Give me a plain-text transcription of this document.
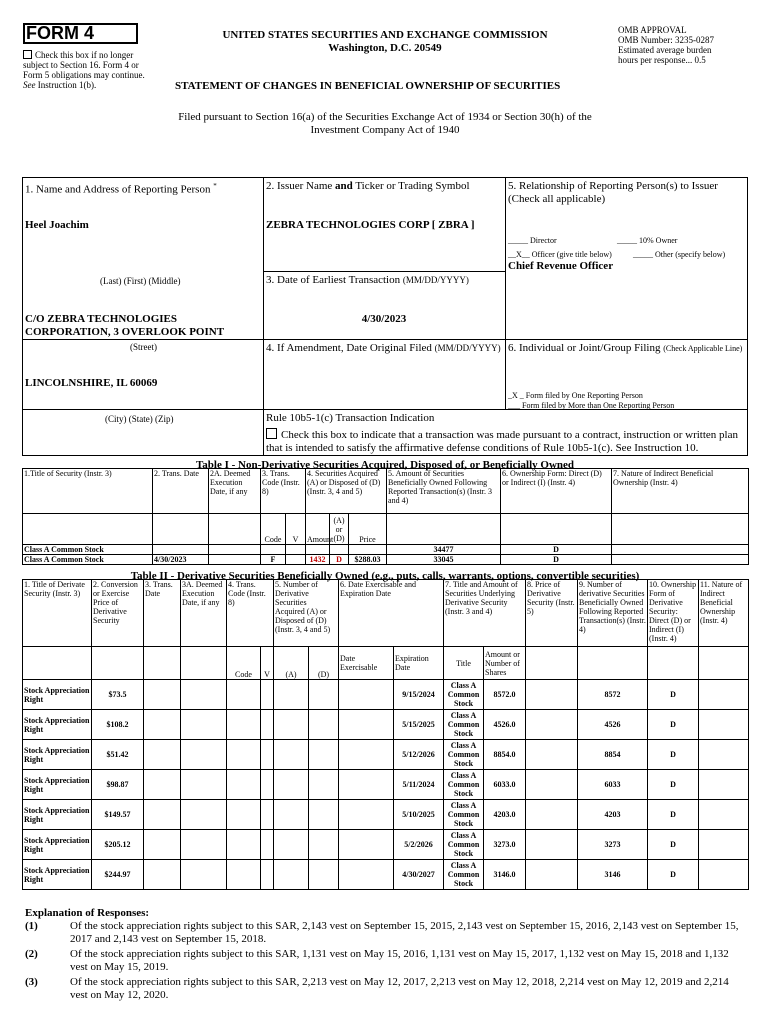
FORM 4
Check this box if no longer subject to Section 16. Form 4 or Form 5 obligations may continue. See Instruction 1(b).
UNITED STATES SECURITIES AND EXCHANGE COMMISSION
Washington, D.C. 20549
STATEMENT OF CHANGES IN BENEFICIAL OWNERSHIP OF SECURITIES
OMB APPROVAL
OMB Number: 3235-0287
Estimated average burden
hours per response... 0.5
Filed pursuant to Section 16(a) of the Securities Exchange Act of 1934 or Section 30(h) of the Investment Company Act of 1940
1. Name and Address of Reporting Person *
Heel Joachim
(Last) (First) (Middle)
C/O ZEBRA TECHNOLOGIES CORPORATION, 3 OVERLOOK POINT
(Street)
LINCOLNSHIRE, IL 60069
(City) (State) (Zip)
2. Issuer Name and Ticker or Trading Symbol
ZEBRA TECHNOLOGIES CORP [ ZBRA ]
3. Date of Earliest Transaction (MM/DD/YYYY)
4/30/2023
4. If Amendment, Date Original Filed (MM/DD/YYYY)
5. Relationship of Reporting Person(s) to Issuer (Check all applicable)
_____ Director	_____ 10% Owner
__X__ Officer (give title below)	_____ Other (specify below)
Chief Revenue Officer
6. Individual or Joint/Group Filing (Check Applicable Line)
_X _ Form filed by One Reporting Person
___ Form filed by More than One Reporting Person
Rule 10b5-1(c) Transaction Indication
Check this box to indicate that a transaction was made pursuant to a contract, instruction or written plan that is intended to satisfy the affirmative defense conditions of Rule 10b5-1(c). See Instruction 10.
Table I - Non-Derivative Securities Acquired, Disposed of, or Beneficially Owned
1.Title of Security (Instr. 3)	2. Trans. Date	2A. Deemed Execution Date, if any	3. Trans. Code (Instr. 8)		4. Securities Acquired (A) or Disposed of (D) (Instr. 3, 4 and 5)			5. Amount of Securities Beneficially Owned Following Reported Transaction(s) (Instr. 3 and 4)	6. Ownership Form: Direct (D) or Indirect (I) (Instr. 4)	7. Nature of Indirect Beneficial Ownership (Instr. 4)
			Code	V	Amount	(A) or (D)	Price			
Class A Common Stock								34477	D	
Class A Common Stock	4/30/2023		F		1432	D	$288.03	33045	D	
Table II - Derivative Securities Beneficially Owned (e.g., puts, calls, warrants, options, convertible securities)
1. Title of Derivate Security (Instr. 3)	2. Conversion or Exercise Price of Derivative Security	3. Trans. Date	3A. Deemed Execution Date, if any	4. Trans. Code (Instr. 8)		5. Number of Derivative Securities Acquired (A) or Disposed of (D) (Instr. 3, 4 and 5)		6. Date Exercisable and Expiration Date		7. Title and Amount of Securities Underlying Derivative Security (Instr. 3 and 4)		8. Price of Derivative Security (Instr. 5)	9. Number of derivative Securities Beneficially Owned Following Reported Transaction(s) (Instr. 4)	10. Ownership Form of Derivative Security: Direct (D) or Indirect (I) (Instr. 4)	11. Nature of Indirect Beneficial Ownership (Instr. 4)
				Code	V	(A)	(D)	Date Exercisable	Expiration Date	Title	Amount or Number of Shares				
Stock Appreciation Right	$73.5								9/15/2024	Class A Common Stock	8572.0		8572	D	
Stock Appreciation Right	$108.2								5/15/2025	Class A Common Stock	4526.0		4526	D	
Stock Appreciation Right	$51.42								5/12/2026	Class A Common Stock	8854.0		8854	D	
Stock Appreciation Right	$98.87								5/11/2024	Class A Common Stock	6033.0		6033	D	
Stock Appreciation Right	$149.57								5/10/2025	Class A Common Stock	4203.0		4203	D	
Stock Appreciation Right	$205.12								5/2/2026	Class A Common Stock	3273.0		3273	D	
Stock Appreciation Right	$244.97								4/30/2027	Class A Common Stock	3146.0		3146	D	
Explanation of Responses:
(1)	Of the stock appreciation rights subject to this SAR, 2,143 vest on September 15, 2015, 2,143 vest on September 15, 2016, 2,143 vest on September 15, 2017 and 2,143 vest on September 15, 2018.
(2)	Of the stock appreciation rights subject to this SAR, 1,131 vest on May 15, 2016, 1,131 vest on May 15, 2017, 1,132 vest on May 15, 2018 and 1,132 vest on May 15, 2019.
(3)	Of the stock appreciation rights subject to this SAR, 2,213 vest on May 12, 2017, 2,213 vest on May 12, 2018, 2,214 vest on May 12, 2019 and 2,214 vest on May 12, 2020.
